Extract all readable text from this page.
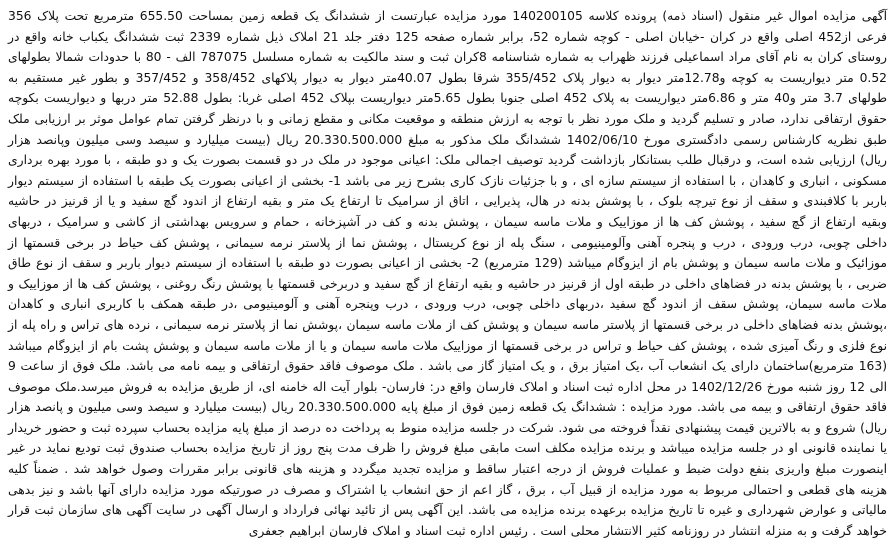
آگهی مزایده اموال غیر منقول (اسناد ذمه) پرونده کلاسه 140200105 مورد مزایده عبارتست از ششدانگ یک قطعه زمین بمساحت 655.50 مترمربع تحت پلاک 356 فرعی از452 اصلی واقع در کران -خیابان اصلی - کوچه شماره 52، برابر شماره صفحه 125 دفتر جلد 21 املاک ذیل شماره 2339 ثبت ششدانگ یکباب خانه واقع در روستای کران به نام آقای مراد اسماعیلی فرزند ظهراب به شماره شناسنامه 8کران ثبت و سند مالکیت به شماره مسلسل 787075 الف - 80 با حدودات شمالا بطولهای 0.52 متر دیواریست به کوچه و12.78متر دیوار به دیوار پلاک 355/452 شرقا بطول 40.07متر دیوار به دیوار پلاکهای 358/452 و 357/452 و بطور غیر مستقیم به طولهای 3.7 متر و40 متر و 6.86متر دیواریست به پلاک 452 اصلی جنوبا بطول 5.65متر دیواریست بپلاک 452 اصلی غربا: بطول 52.88 متر دربها و دیواریست بکوچه حقوق ارتفاقی ندارد، صادر و تسلیم گردید و ملک مورد نظر با توجه به ارزش منطقه و موقعیت مکانی و مقطع زمانی و با درنظر گرفتن تمام عوامل موثر بر ارزیابی ملک طبق نظریه کارشناس رسمی دادگستری مورخ 1402/06/10 ششدانگ ملک مذکور به مبلغ 20.330.500.000 ریال (بیست میلیارد و سیصد وسی میلیون وپانصد هزار ریال) ارزیابی شده است، و درقبال طلب بستانکار بازداشت گردید توصیف اجمالی ملک: اعیانی موجود در ملک در دو قسمت بصورت یک و دو طبقه ، با مورد بهره برداری مسکونی ، انباری و کاهدان ، با استفاده از سیستم سازه ای ، و با جزئیات نازک کاری بشرح زیر می باشد 1- بخشی از اعیانی بصورت یک طبقه با استفاده از سیستم دیوار باربر با کلافبندی و سقف از نوع تیرچه بلوک ، با پوشش بدنه در هال، پذیرایی ، اتاق از سرامیک تا ارتفاع یک متر و بقیه ارتفاع از اندود گچ سفید و یا از قرنیز در حاشیه وبقیه ارتفاع از گچ سفید ، پوشش کف ها از موزاییک و ملات ماسه سیمان ، پوشش بدنه و کف در آشپزخانه ، حمام و سرویس بهداشتی از کاشی و سرامیک ، دربهای داخلی چوبی، درب ورودی ، درب و پنجره آهنی وآلومینیومی ، سنگ پله از نوع کریستال ، پوشش نما از پلاستر نرمه سیمانی ، پوشش کف حیاط در برخی قسمتها از موزائیک و ملات ماسه سیمان و پوشش بام از ایزوگام میباشد (129 مترمربع) 2- بخشی از اعیانی بصورت دو طبقه با استفاده از سیستم دیوار باربر و سقف از نوع طاق ضربی ، با پوشش بدنه در فضاهای داخلی در طبقه اول از قرنیز در حاشیه و بقیه ارتفاع از گچ سفید و دربرخی قسمتها با پوشش رنگ روغنی ، پوشش کف ها از موزاییک و ملات ماسه سیمان، پوشش سقف از اندود گچ سفید ،دربهای داخلی چوبی، درب ورودی ، درب وپنجره آهنی و آلومینیومی ،در طبقه همکف با کاربری انباری و کاهدان ،پوشش بدنه فضاهای داخلی در برخی قسمتها از پلاستر ماسه سیمان و پوشش کف از ملات ماسه سیمان ،پوشش نما از پلاستر نرمه سیمانی ، نرده های تراس و راه پله از نوع فلزی و رنگ آمیزی شده ، پوشش کف حیاط و تراس در برخی قسمتها از موزاییک ملات ماسه سیمان و یا از ملات ماسه سیمان و پوشش پشت بام از ایزوگام میباشد (163 مترمربع)ساختمان دارای یک انشعاب آب ،یک امتیاز برق ، و یک امتیاز گاز می باشد . ملک موصوف فاقد حقوق ارتفاقی و بیمه نامه می باشد. ملک فوق از ساعت 9 الی 12 روز شنبه مورخ 1402/12/26 در محل اداره ثبت اسناد و املاک فارسان واقع در: فارسان- بلوار آیت اله خامنه ای، از طریق مزایده به فروش میرسد.ملک موصوف فاقد حقوق ارتفاقی و بیمه می باشد. مورد مزایده : ششدانگ یک قطعه زمین فوق از مبلغ پایه 20.330.500.000 ریال (بیست میلیارد و سیصد وسی میلیون و پانصد هزار ریال) شروع و به بالاترین قیمت پیشنهادی نقداً فروخته می شود. شرکت در جلسه مزایده منوط به پرداخت ده درصد از مبلغ پایه مزایده بحساب سپرده ثبت و حضور خریدار یا نماینده قانونی او در جلسه مزایده میباشد و برنده مزایده مکلف است مابقی مبلغ فروش را ظرف مدت پنج روز از تاریخ مزایده بحساب صندوق ثبت تودیع نماید در غیر اینصورت مبلغ واریزی بنفع دولت ضبط و عملیات فروش از درجه اعتبار ساقط و مزایده تجدید میگردد و هزینه های قانونی برابر مقررات وصول خواهد شد . ضمناً کلیه هزینه های قطعی و احتمالی مربوط به مورد مزایده از قبیل آب ، برق ، گاز اعم از حق انشعاب یا اشتراک و مصرف در صورتیکه مورد مزایده دارای آنها باشد و نیز بدهی مالیاتی و عوارض شهرداری و غیره تا تاریخ مزایده برعهده برنده مزایده می باشد. این آگهی پس از تائید نهائی فرارداد و ارسال آگهی در سایت آگهی های سازمان ثبت قرار خواهد گرفت و به منزله انتشار در روزنامه کثیر الانتشار محلی است . رئیس اداره ثبت اسناد و املاک فارسان ابراهیم جعفری
